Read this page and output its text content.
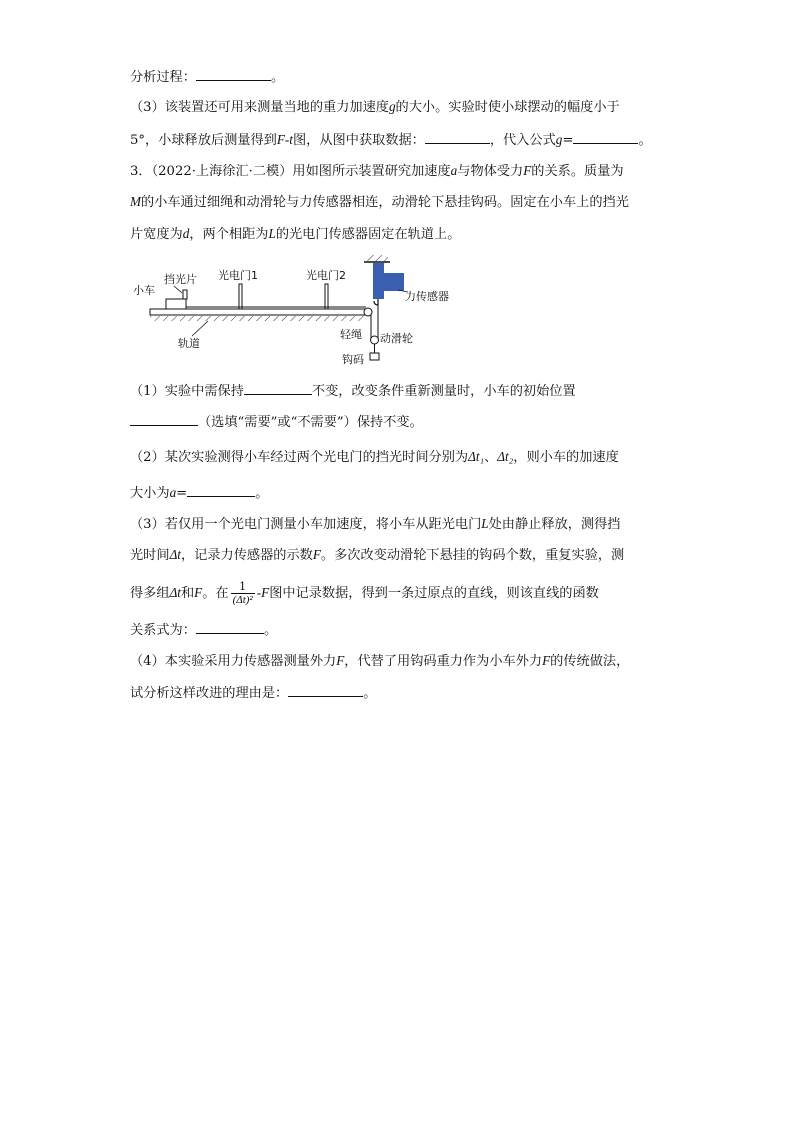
分析过程：	。
（3）该装置还可用来测量当地的重力加速度g的大小。实验时使小球摆动的幅度小于
5°，小球释放后测量得到F-t图，从图中获取数据：	，代入公式g=	。
3．（2022·上海徐汇·二模）用如图所示装置研究加速度a与物体受力F的关系。质量为
M的小车通过细绳和动滑轮与力传感器相连，动滑轮下悬挂钩码。固定在小车上的挡光
片宽度为d，两个相距为L的光电门传感器固定在轨道上。
小车
挡光片 光电门1	光电门2
力传感器
轻绳 动滑轮
钩码
轨道
（1）实验中需保持	不变，改变条件重新测量时，小车的初始位置
（选填“需要”或“不需要”）保持不变。
（2）某次实验测得小车经过两个光电门的挡光时间分别为Δt₁、Δt₂，则小车的加速度
大小为a=	。
（3）若仅用一个光电门测量小车加速度，将小车从距光电门L处由静止释放，测得挡
光时间Δt，记录力传感器的示数F。多次改变动滑轮下悬挂的钩码个数，重复实验，测
得多组Δt和F。在 $\frac{1}{\text{(Δt)²}} -F$图中记录数据，得到一条过原点的直线，则该直线的函数
关系式为：	。
（4）本实验采用力传感器测量外力F，代替了用钩码重力作为小车外力F的传统做法，
试分析这样改进的理由是：	。
